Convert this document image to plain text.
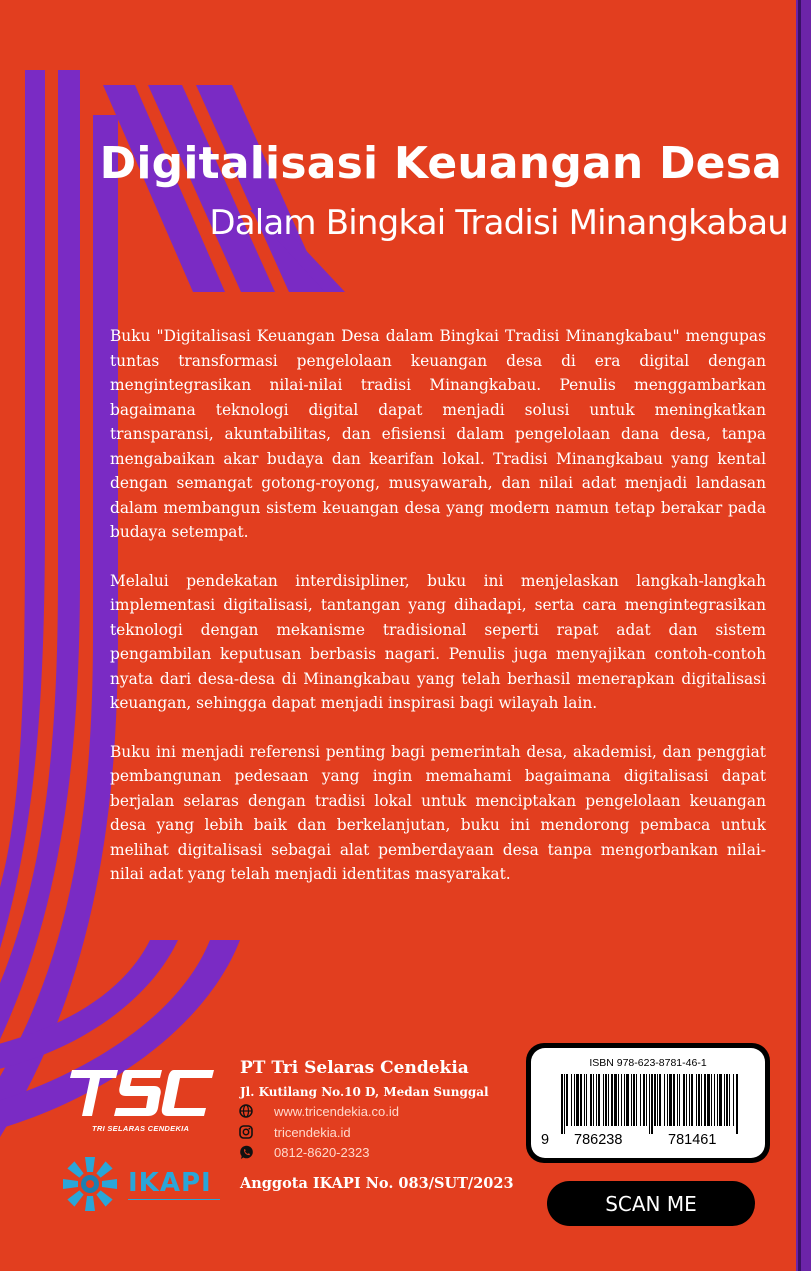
Digitalisasi Keuangan Desa
Dalam Bingkai Tradisi Minangkabau

Buku "Digitalisasi Keuangan Desa dalam Bingkai Tradisi Minangkabau" mengupas tuntas transformasi pengelolaan keuangan desa di era digital dengan mengintegrasikan nilai-nilai tradisi Minangkabau. Penulis menggambarkan bagaimana teknologi digital dapat menjadi solusi untuk meningkatkan transparansi, akuntabilitas, dan efisiensi dalam pengelolaan dana desa, tanpa mengabaikan akar budaya dan kearifan lokal. Tradisi Minangkabau yang kental dengan semangat gotong-royong, musyawarah, dan nilai adat menjadi landasan dalam membangun sistem keuangan desa yang modern namun tetap berakar pada budaya setempat.

Melalui pendekatan interdisipliner, buku ini menjelaskan langkah-langkah implementasi digitalisasi, tantangan yang dihadapi, serta cara mengintegrasikan teknologi dengan mekanisme tradisional seperti rapat adat dan sistem pengambilan keputusan berbasis nagari. Penulis juga menyajikan contoh-contoh nyata dari desa-desa di Minangkabau yang telah berhasil menerapkan digitalisasi keuangan, sehingga dapat menjadi inspirasi bagi wilayah lain.

Buku ini menjadi referensi penting bagi pemerintah desa, akademisi, dan penggiat pembangunan pedesaan yang ingin memahami bagaimana digitalisasi dapat berjalan selaras dengan tradisi lokal untuk menciptakan pengelolaan keuangan desa yang lebih baik dan berkelanjutan, buku ini mendorong pembaca untuk melihat digitalisasi sebagai alat pemberdayaan desa tanpa mengorbankan nilai-nilai adat yang telah menjadi identitas masyarakat.

TRI SELARAS CENDEKIA
PT Tri Selaras Cendekia
Jl. Kutilang No.10 D, Medan Sunggal
www.tricendekia.co.id
tricendekia.id
0812-8620-2323
IKAPI Anggota IKAPI No. 083/SUT/2023
ISBN 978-623-8781-46-1
9 786238	781461
SCAN ME
